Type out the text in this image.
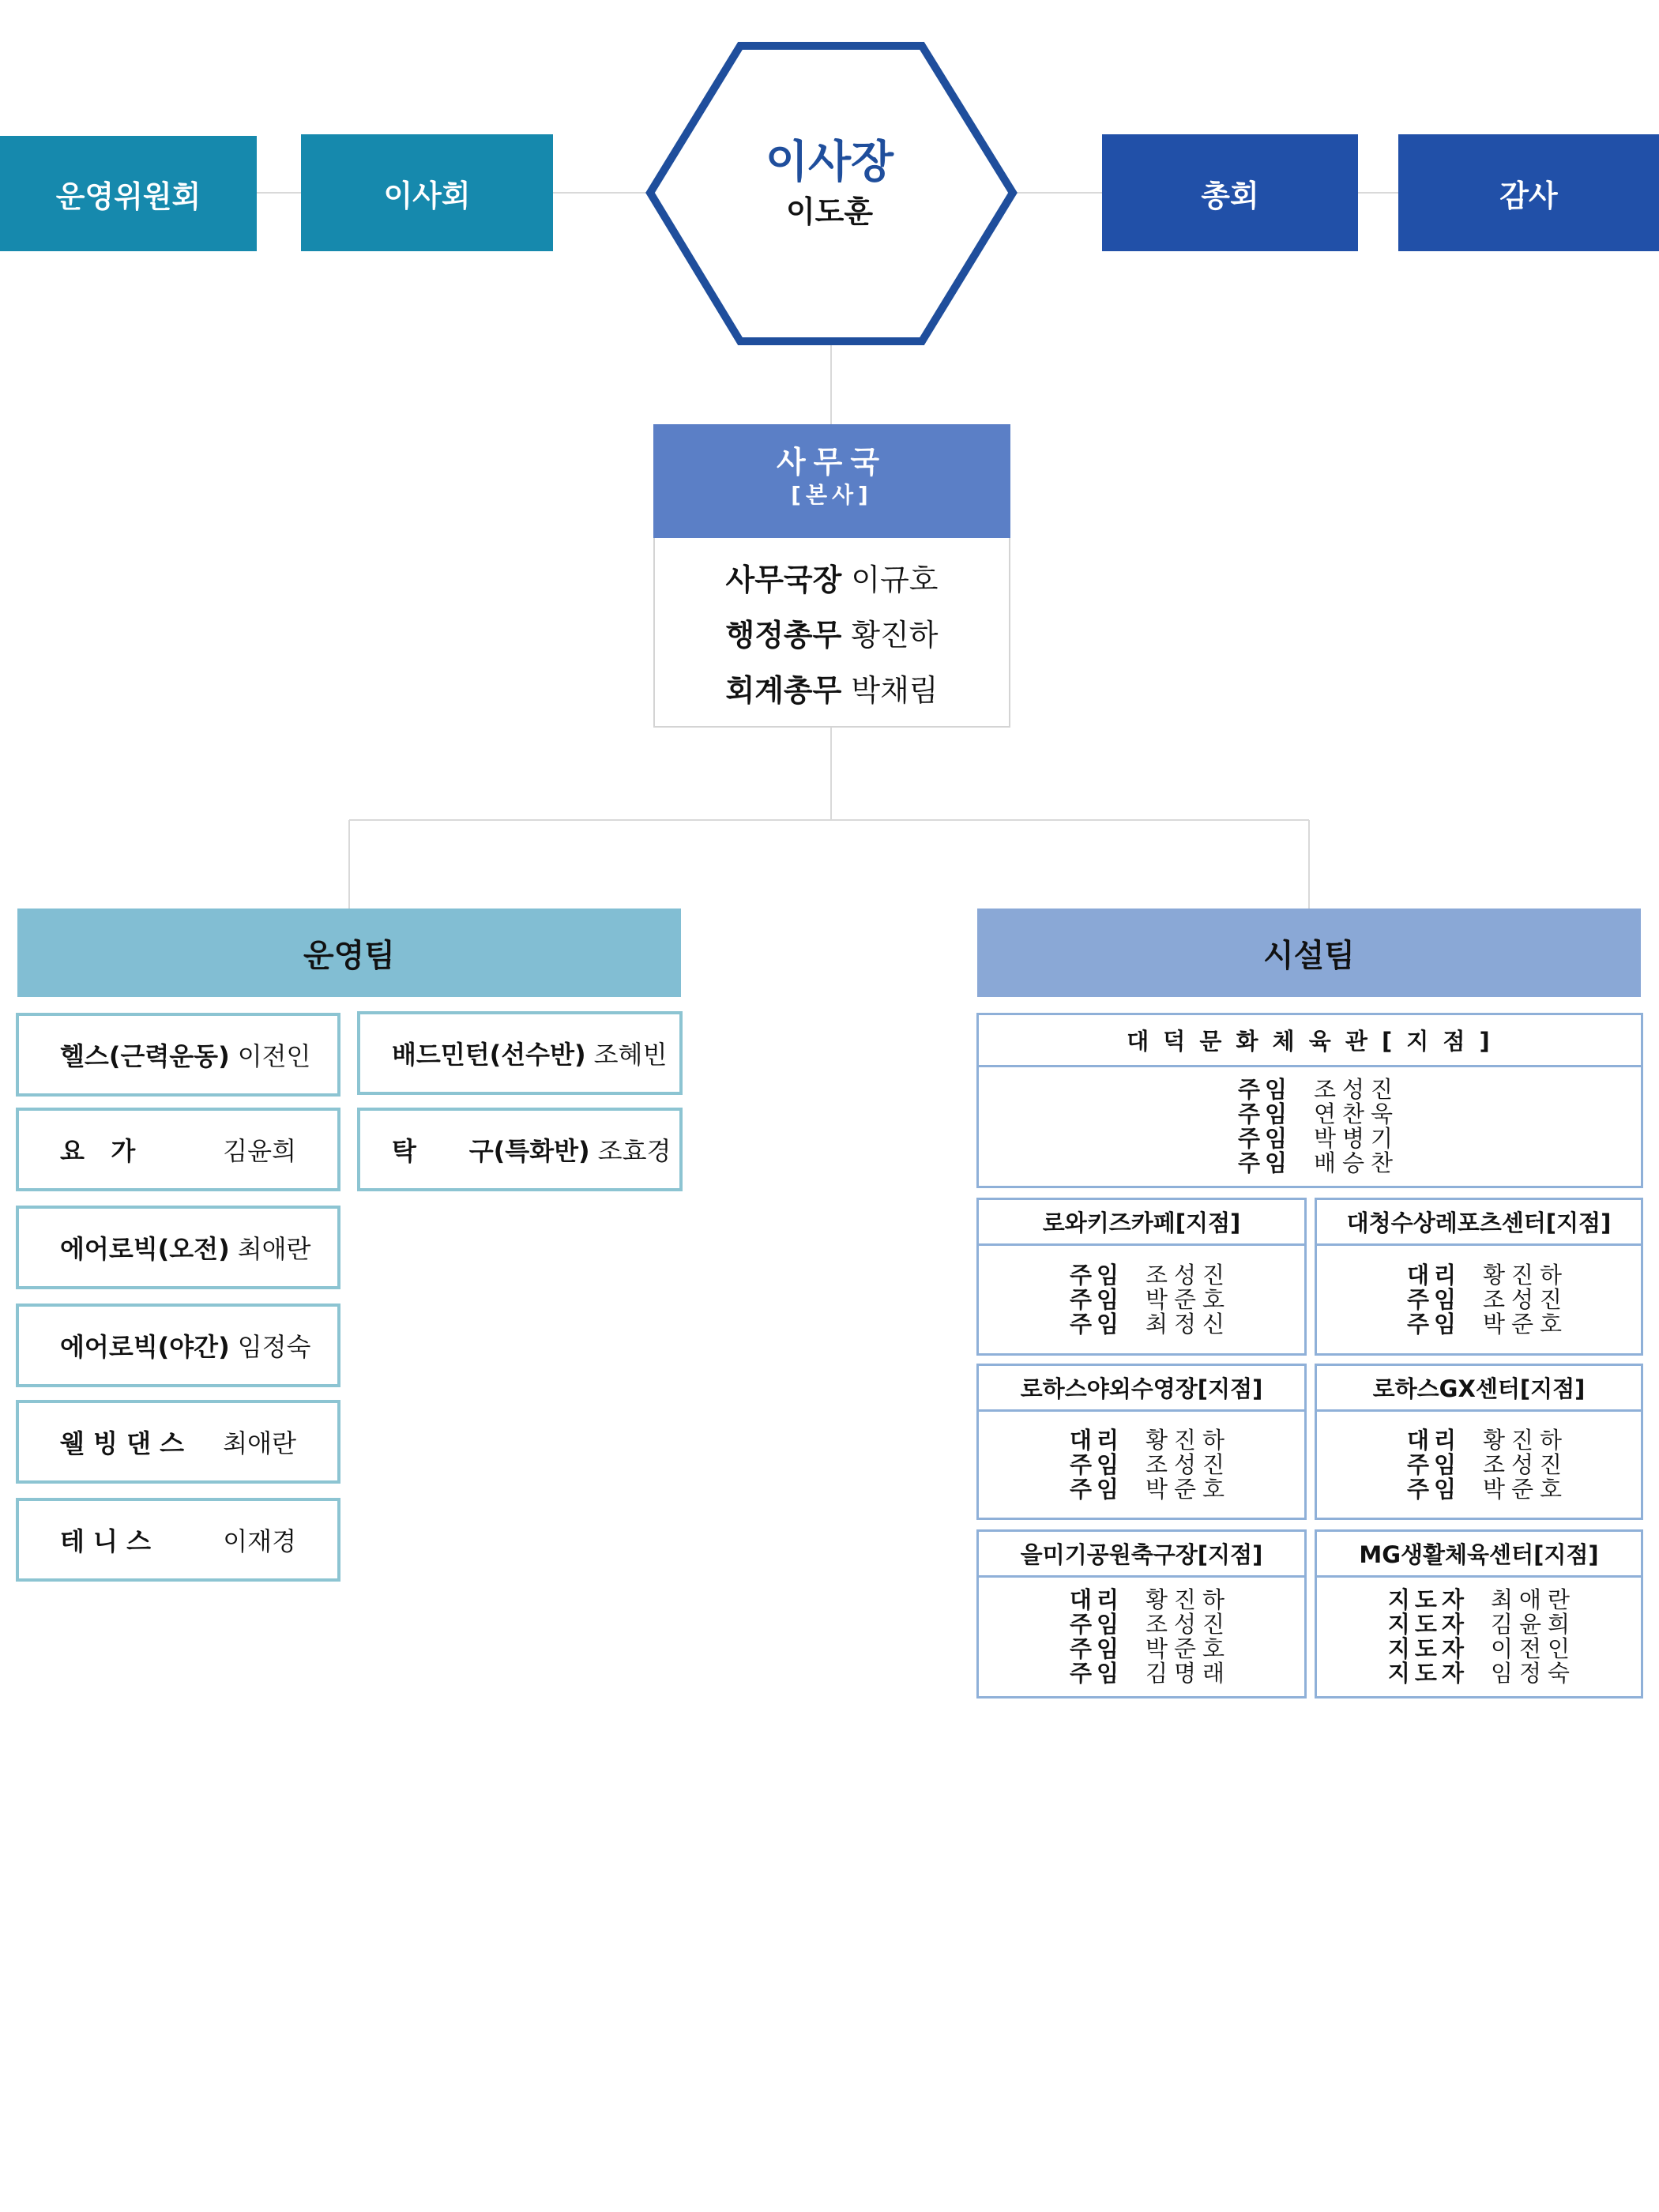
운영위원회	이사회	총회	감사
이사장
이도훈
사무국
[본사]
사무국장 이규호
행정총무 황진하
회계총무 박채림
운영팀	시설팀
헬스(근력운동) 이전인
요   가	김윤희
에어로빅(오전) 최애란
에어로빅(야간) 임정숙
웰 빙 댄 스 최애란
테 니 스	이재경
배드민턴(선수반) 조혜빈
탁      구(특화반) 조효경
대 덕 문 화 체 육 관 [ 지 점 ]
주임 조성진
주임 연찬욱
주임 박병기
주임 배승찬
로와키즈카페[지점]
주임 조성진
주임 박준호
주임 최정신
대청수상레포츠센터[지점]
대리 황진하
주임 조성진
주임 박준호
로하스야외수영장[지점]
대리 황진하
주임 조성진
주임 박준호
로하스GX센터[지점]
대리 황진하
주임 조성진
주임 박준호
을미기공원축구장[지점]
대리 황진하
주임 조성진
주임 박준호
주임 김명래
MG생활체육센터[지점]
지도자 최애란
지도자 김윤희
지도자 이전인
지도자 임정숙
